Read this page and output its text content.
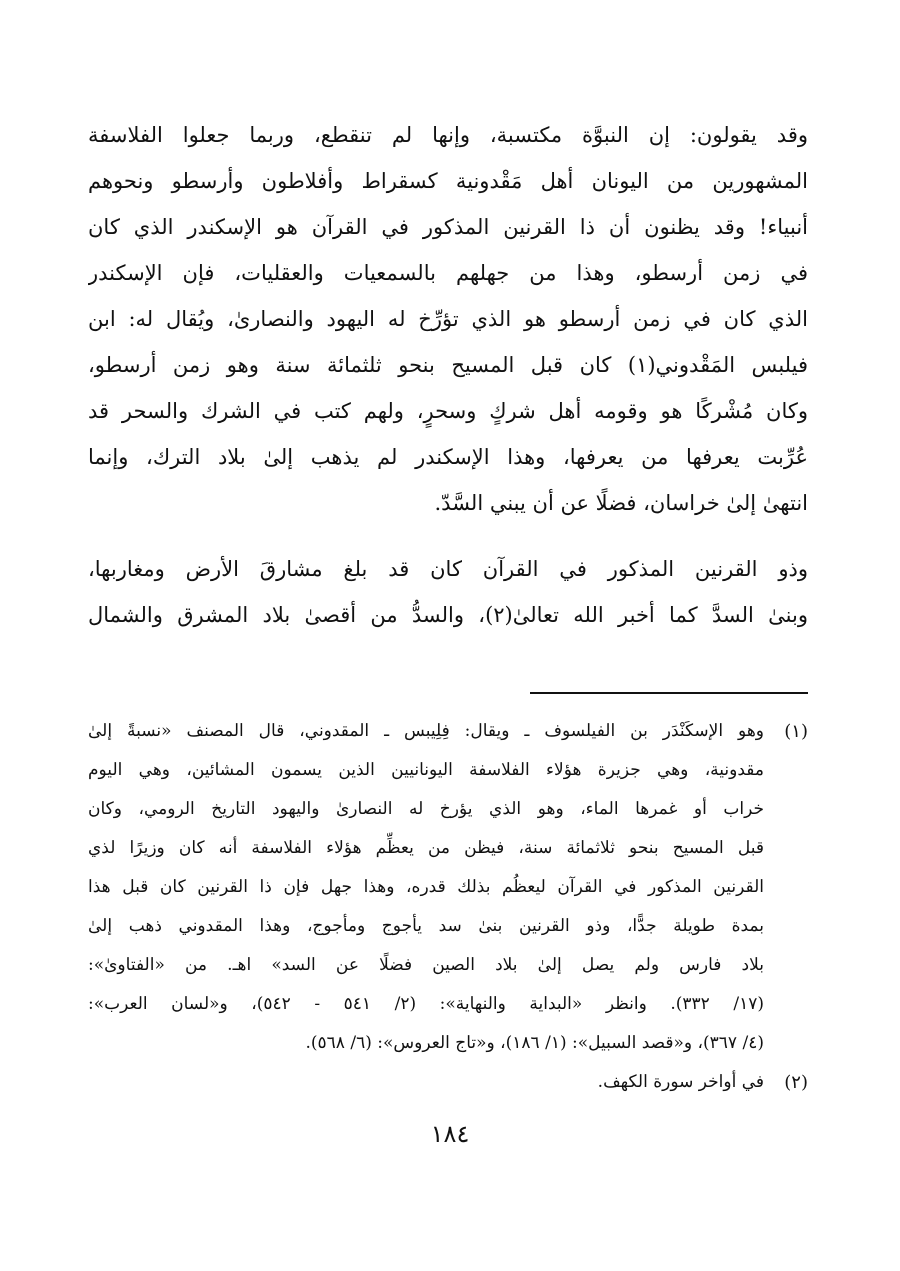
وقد يقولون: إن النبوَّة مكتسبة، وإنها لم تنقطع، وربما جعلوا الفلاسفة
المشهورين من اليونان أهل مَقْدونية كسقراط وأفلاطون وأرسطو ونحوهم
أنبياء! وقد يظنون أن ذا القرنين المذكور في القرآن هو الإسكندر الذي كان
في زمن أرسطو، وهذا من جهلهم بالسمعيات والعقليات، فإن الإسكندر
الذي كان في زمن أرسطو هو الذي تؤرِّخ له اليهود والنصارىٰ، ويُقال له: ابن
فيلبس المَقْدوني(١) كان قبل المسيح بنحو ثلثمائة سنة وهو زمن أرسطو،
وكان مُشْركًا هو وقومه أهل شركٍ وسحرٍ، ولهم كتب في الشرك والسحر قد
عُرِّبت يعرفها من يعرفها، وهذا الإسكندر لم يذهب إلىٰ بلاد الترك، وإنما
انتهىٰ إلىٰ خراسان، فضلًا عن أن يبني السَّدّ.
وذو القرنين المذكور في القرآن كان قد بلغ مشارقَ الأرض ومغاربها،
وبنىٰ السدَّ كما أخبر الله تعالىٰ(٢)، والسدُّ من أقصىٰ بلاد المشرق والشمال
(١)
وهو الإسكَنْدَر بن الفيلسوف ـ ويقال: فِلِيبس ـ المقدوني، قال المصنف «نسبةً إلىٰ
مقدونية، وهي جزيرة هؤلاء الفلاسفة اليونانيين الذين يسمون المشائين، وهي اليوم
خراب أو غمرها الماء، وهو الذي يؤرخ له النصارىٰ واليهود التاريخ الرومي، وكان
قبل المسيح بنحو ثلاثمائة سنة، فيظن من يعظِّم هؤلاء الفلاسفة أنه كان وزيرًا لذي
القرنين المذكور في القرآن ليعظُم بذلك قدره، وهذا جهل فإن ذا القرنين كان قبل هذا
بمدة طويلة جدًّا، وذو القرنين بنىٰ سد يأجوج ومأجوج، وهذا المقدوني ذهب إلىٰ
بلاد فارس ولم يصل إلىٰ بلاد الصين فضلًا عن السد» اهـ. من «الفتاوىٰ»:
(١٧/ ٣٣٢). وانظر «البداية والنهاية»: (٢/ ٥٤١ - ٥٤٢)، و«لسان العرب»:
(٤/ ٣٦٧)، و«قصد السبيل»: (١/ ١٨٦)، و«تاج العروس»: (٦/ ٥٦٨).
(٢)
في أواخر سورة الكهف.
١٨٤
